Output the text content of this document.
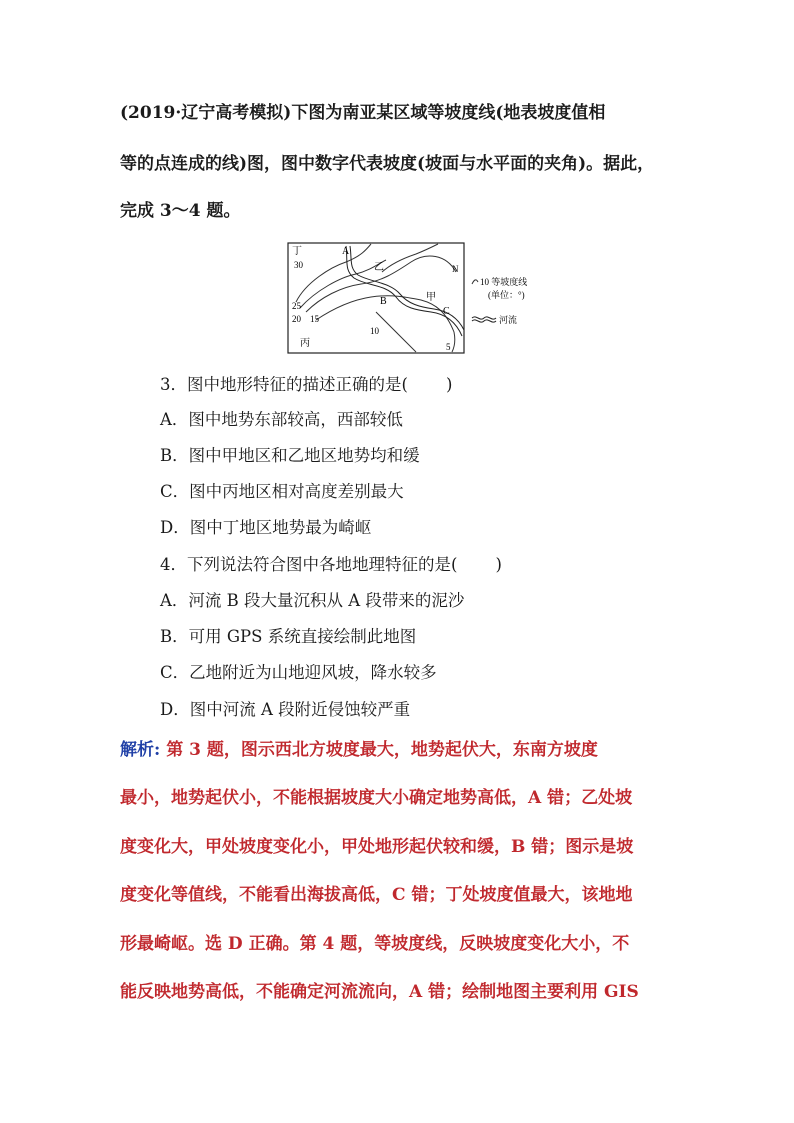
(2019·辽宁高考模拟)下图为南亚某区域等坡度线(地表坡度值相
等的点连成的线)图，图中数字代表坡度(坡面与水平面的夹角)。据此，
完成 3～4 题。
丁	A
乙	N
B	甲
C
丙
30
25
20 15
10
5
10 等坡度线
(单位：°)
河流
3．图中地形特征的描述正确的是( )
A．图中地势东部较高，西部较低
B．图中甲地区和乙地区地势均和缓
C．图中丙地区相对高度差别最大
D．图中丁地区地势最为崎岖
4．下列说法符合图中各地地理特征的是( )
A．河流 B 段大量沉积从 A 段带来的泥沙
B．可用 GPS 系统直接绘制此地图
C．乙地附近为山地迎风坡，降水较多
D．图中河流 A 段附近侵蚀较严重
解析: 第 3 题，图示西北方坡度最大，地势起伏大，东南方坡度
最小，地势起伏小，不能根据坡度大小确定地势高低，A 错；乙处坡
度变化大，甲处坡度变化小，甲处地形起伏较和缓，B 错；图示是坡
度变化等值线，不能看出海拔高低，C 错；丁处坡度值最大，该地地
形最崎岖。选 D 正确。第 4 题，等坡度线，反映坡度变化大小，不
能反映地势高低，不能确定河流流向，A 错；绘制地图主要利用 GIS
